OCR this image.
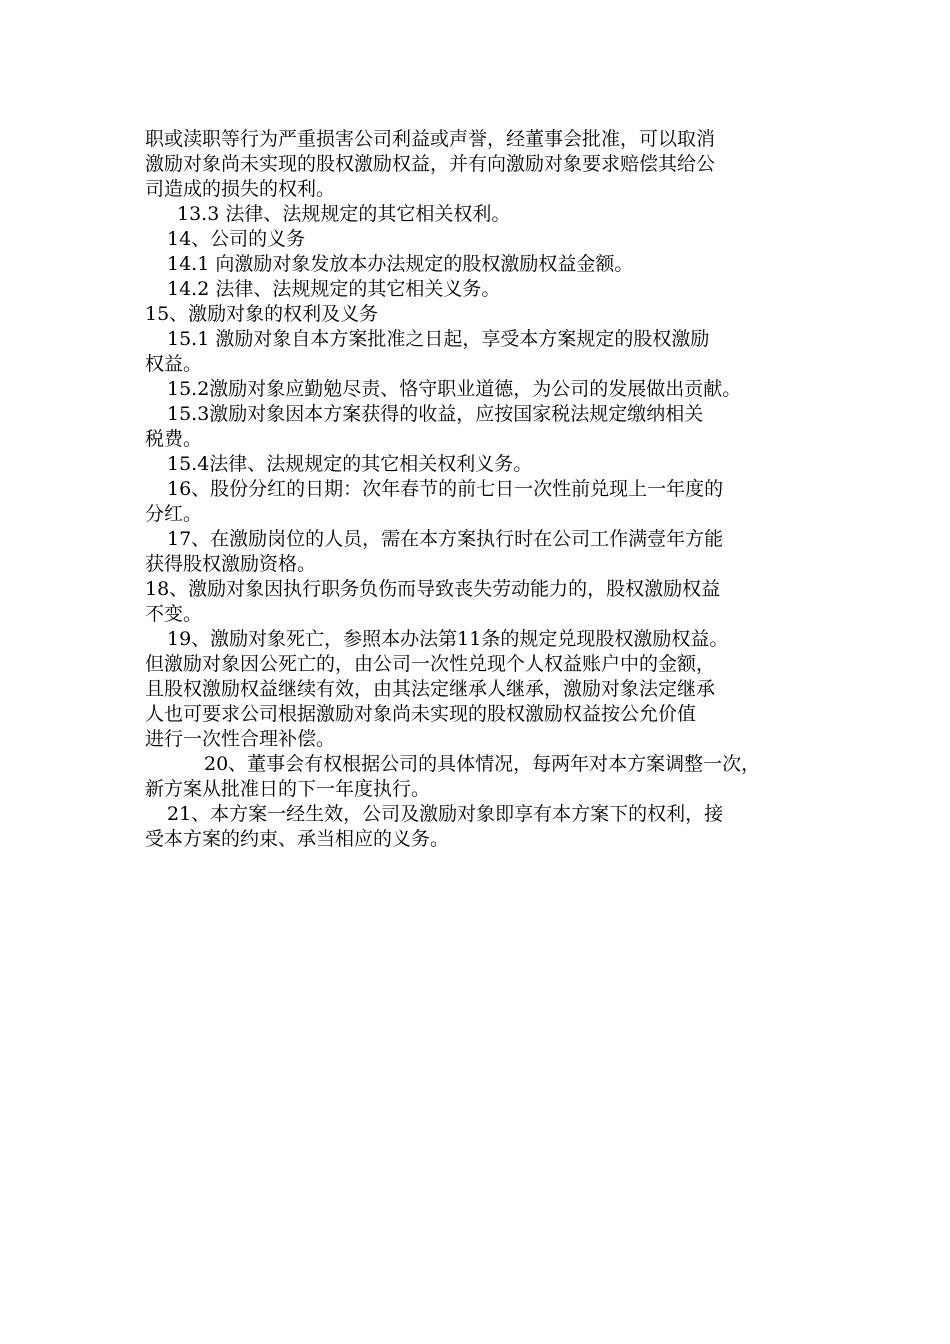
职或渎职等行为严重损害公司利益或声誉，经董事会批准，可以取消
激励对象尚未实现的股权激励权益，并有向激励对象要求赔偿其给公
司造成的损失的权利。
13.3 法律、法规规定的其它相关权利。
14、公司的义务
14.1 向激励对象发放本办法规定的股权激励权益金额。
14.2 法律、法规规定的其它相关义务。
15、激励对象的权利及义务
15.1 激励对象自本方案批准之日起，享受本方案规定的股权激励
权益。
15.2激励对象应勤勉尽责、恪守职业道德，为公司的发展做出贡献。
15.3激励对象因本方案获得的收益，应按国家税法规定缴纳相关
税费。
15.4法律、法规规定的其它相关权利义务。
16、股份分红的日期：次年春节的前七日一次性前兑现上一年度的
分红。
17、在激励岗位的人员，需在本方案执行时在公司工作满壹年方能
获得股权激励资格。
18、激励对象因执行职务负伤而导致丧失劳动能力的，股权激励权益
不变。
19、激励对象死亡，参照本办法第11条的规定兑现股权激励权益。
但激励对象因公死亡的，由公司一次性兑现个人权益账户中的金额，
且股权激励权益继续有效，由其法定继承人继承，激励对象法定继承
人也可要求公司根据激励对象尚未实现的股权激励权益按公允价值
进行一次性合理补偿。
20、董事会有权根据公司的具体情况，每两年对本方案调整一次，
新方案从批准日的下一年度执行。
21、本方案一经生效，公司及激励对象即享有本方案下的权利，接
受本方案的约束、承当相应的义务。
